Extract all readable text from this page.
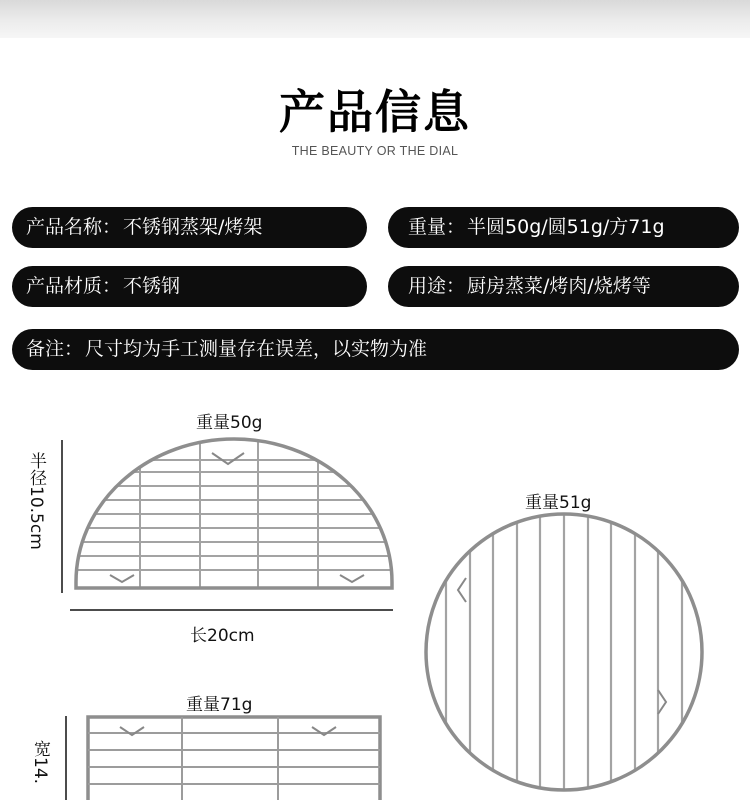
产品信息
THE BEAUTY OR THE DIAL
产品名称： 不锈钢蒸架/烤架	重量： 半圆50g/圆51g/方71g
产品材质： 不锈钢	用途： 厨房蒸菜/烤肉/烧烤等
备注： 尺寸均为手工测量存在误差，以实物为准
重量50g
半径10.5cm
长20cm
重量51g
重量71g
宽14.
